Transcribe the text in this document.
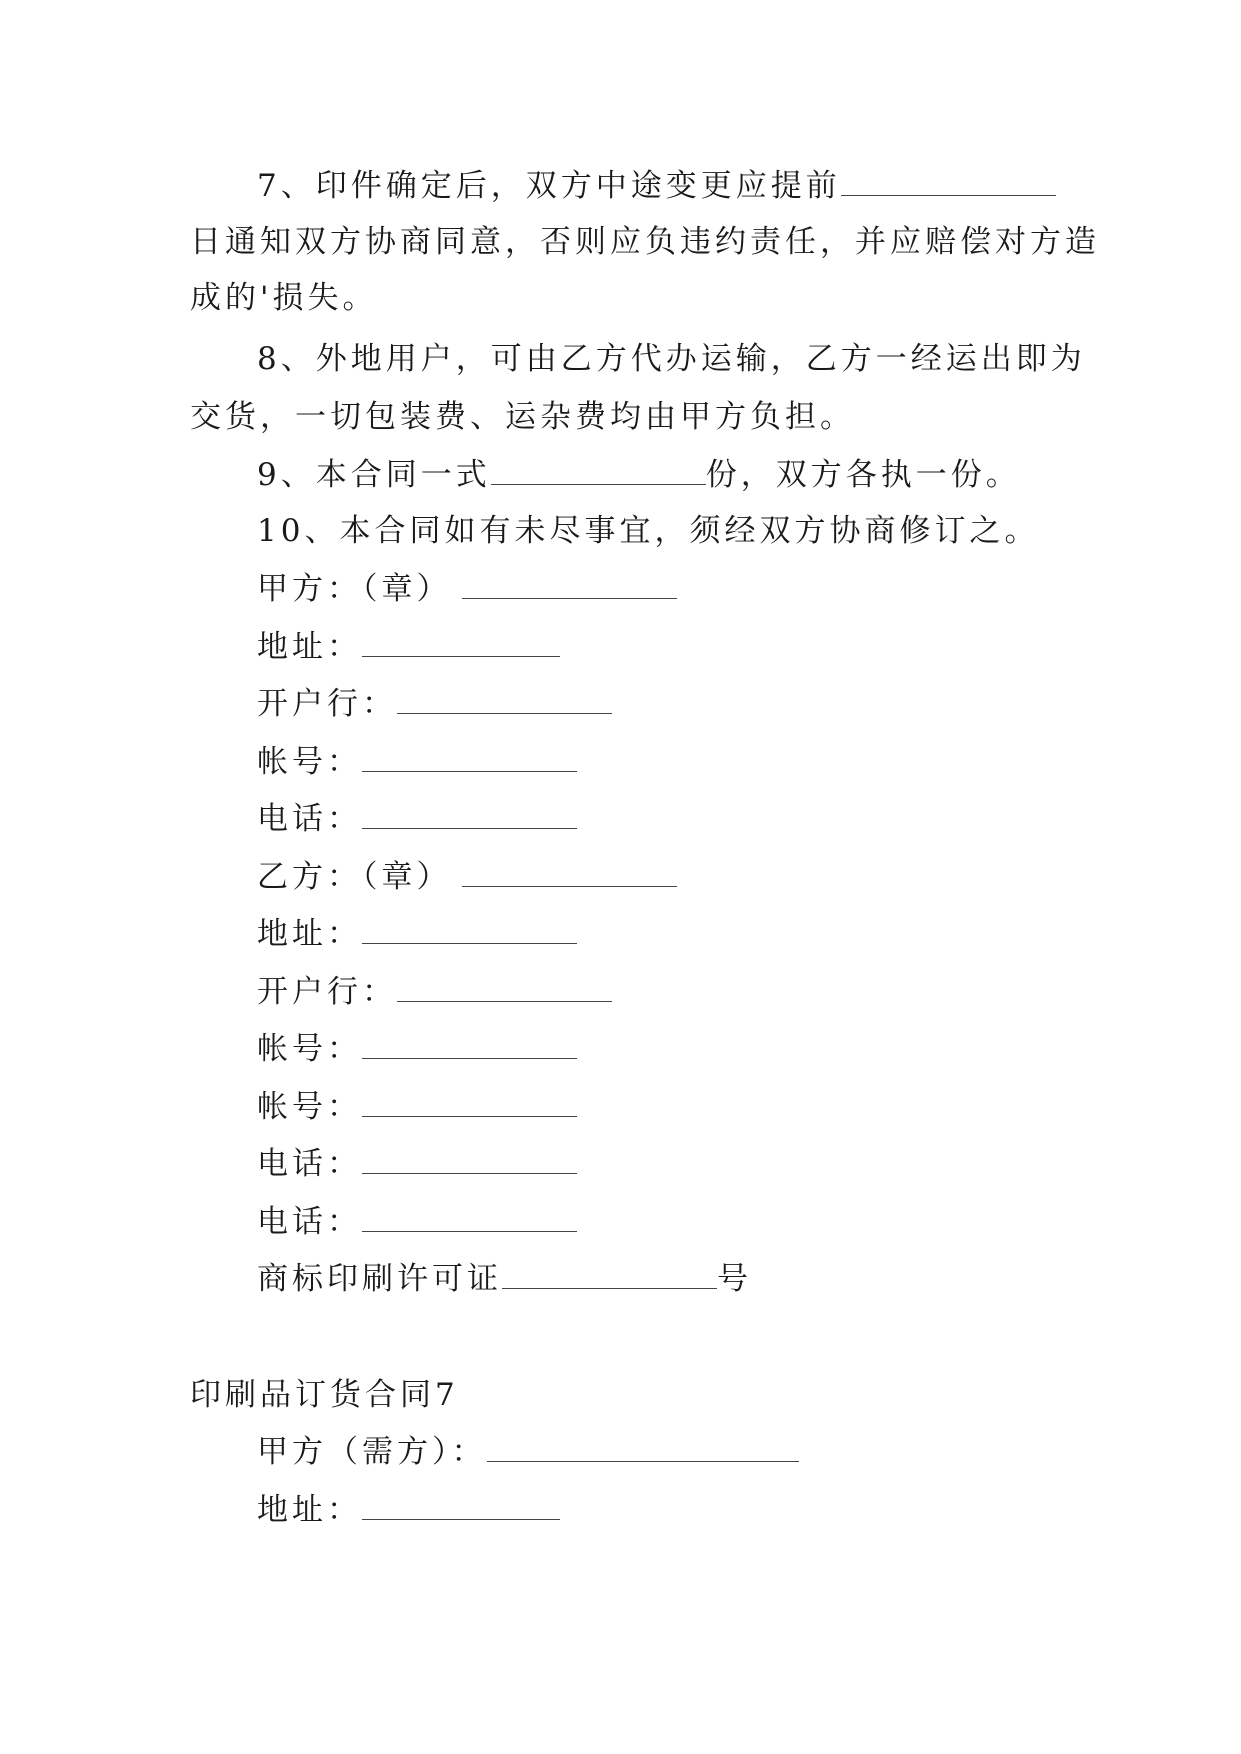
7、印件确定后，双方中途变更应提前
日通知双方协商同意，否则应负违约责任，并应赔偿对方造
成的'损失。
8、外地用户，可由乙方代办运输，乙方一经运出即为
交货，一切包装费、运杂费均由甲方负担。
9、本合同一式	份，双方各执一份。
10、本合同如有未尽事宜，须经双方协商修订之。
甲方：（章）
地址：
开户行：
帐号：
电话：
乙方：（章）
地址：
开户行：
帐号：
帐号：
电话：
电话：
商标印刷许可证	号
印刷品订货合同7
甲方（需方）：
地址：
